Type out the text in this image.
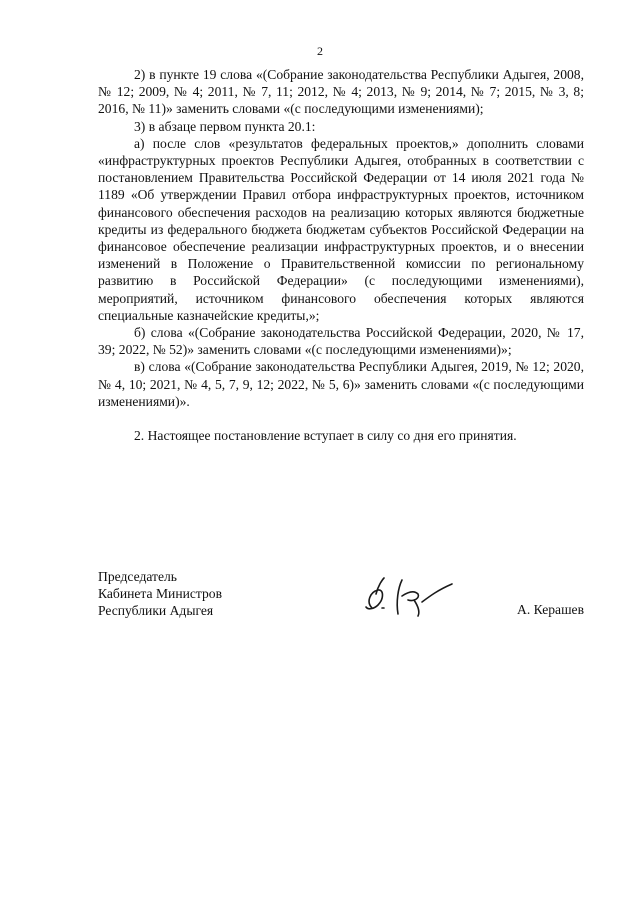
2

2) в пункте 19 слова «(Собрание законодательства Республики Адыгея, 2008, № 12; 2009, № 4; 2011, № 7, 11; 2012, № 4; 2013, № 9; 2014, № 7; 2015, № 3, 8; 2016, № 11)» заменить словами «(с последующими изменениями);

3) в абзаце первом пункта 20.1:

а) после слов «результатов федеральных проектов,» дополнить словами «инфраструктурных проектов Республики Адыгея, отобранных в соответствии с постановлением Правительства Российской Федерации от 14 июля 2021 года № 1189 «Об утверждении Правил отбора инфраструктурных проектов, источником финансового обеспечения расходов на реализацию которых являются бюджетные кредиты из федерального бюджета бюджетам субъектов Российской Федерации на финансовое обеспечение реализации инфраструктурных проектов, и о внесении изменений в Положение о Правительственной комиссии по региональному развитию в Российской Федерации» (с последующими изменениями), мероприятий, источником финансового обеспечения которых являются специальные казначейские кредиты,»;

б) слова «(Собрание законодательства Российской Федерации, 2020, № 17, 39; 2022, № 52)» заменить словами «(с последующими изменениями)»;

в) слова «(Собрание законодательства Республики Адыгея, 2019, № 12; 2020, № 4, 10; 2021, № 4, 5, 7, 9, 12; 2022, № 5, 6)» заменить словами «(с последующими изменениями)».

2. Настоящее постановление вступает в силу со дня его принятия.

Председатель
Кабинета Министров
Республики Адыгея	А. Керашев
